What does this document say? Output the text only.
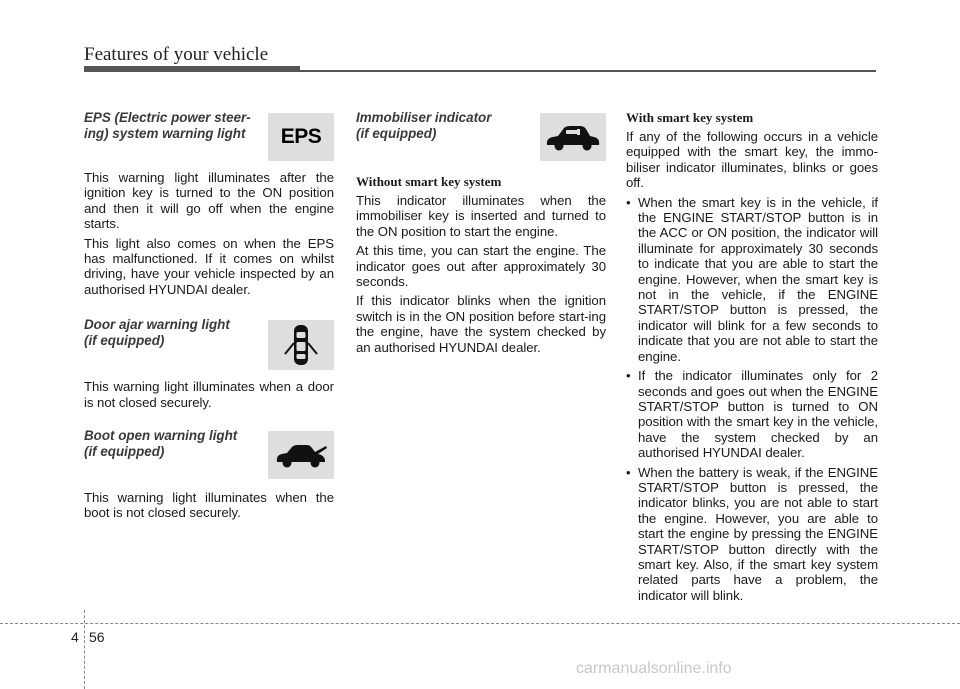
Features of your vehicle
EPS (Electric power steer-
ing) system warning light	EPS

This warning light illuminates after the ignition key is turned to the ON position and then it will go off when the engine starts.

This light also comes on when the EPS has malfunctioned. If it comes on whilst driving, have your vehicle inspected by an authorised HYUNDAI dealer.

Door ajar warning light
(if equipped)

This warning light illuminates when a door is not closed securely.

Boot open warning light
(if equipped)

This warning light illuminates when the boot is not closed securely.

Immobiliser indicator
(if equipped)

Without smart key system

This indicator illuminates when the immobiliser key is inserted and turned to the ON position to start the engine.

At this time, you can start the engine. The indicator goes out after approximately 30 seconds.

If this indicator blinks when the ignition switch is in the ON position before start-ing the engine, have the system checked by an authorised HYUNDAI dealer.

With smart key system

If any of the following occurs in a vehicle equipped with the smart key, the immo-biliser indicator illuminates, blinks or goes off.

• When the smart key is in the vehicle, if the ENGINE START/STOP button is in the ACC or ON position, the indicator will illuminate for approximately 30 seconds to indicate that you are able to start the engine. However, when the smart key is not in the vehicle, if the ENGINE START/STOP button is pressed, the indicator will blink for a few seconds to indicate that you are not able to start the engine.
• If the indicator illuminates only for 2 seconds and goes out when the ENGINE START/STOP button is turned to ON position with the smart key in the vehicle, have the system checked by an authorised HYUNDAI dealer.
• When the battery is weak, if the ENGINE START/STOP button is pressed, the indicator blinks, you are not able to start the engine. However, you are able to start the engine by pressing the ENGINE START/STOP button directly with the smart key. Also, if the smart key system related parts have a problem, the indicator will blink.
4 56
carmanualsonline.info
